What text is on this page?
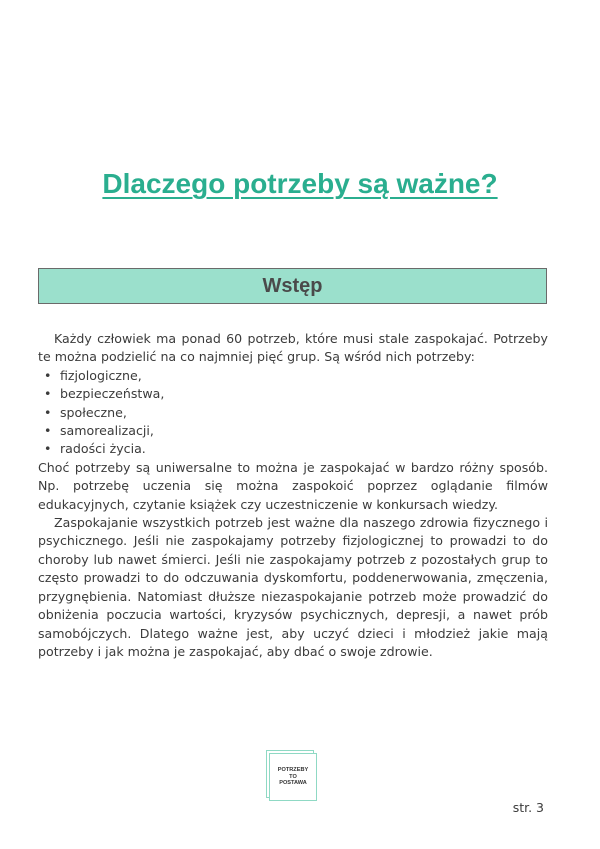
Dlaczego potrzeby są ważne?
Wstęp

Każdy człowiek ma ponad 60 potrzeb, które musi stale zaspokajać. Potrzeby te można podzielić na co najmniej pięć grup. Są wśród nich potrzeby:

• fizjologiczne,
• bezpieczeństwa,
• społeczne,
• samorealizacji,
• radości życia.

Choć potrzeby są uniwersalne to można je zaspokajać w bardzo różny sposób. Np. potrzebę uczenia się można zaspokoić poprzez oglądanie filmów edukacyjnych, czytanie książek czy uczestniczenie w konkursach wiedzy.

Zaspokajanie wszystkich potrzeb jest ważne dla naszego zdrowia fizycznego i psychicznego. Jeśli nie zaspokajamy potrzeby fizjologicznej to prowadzi to do choroby lub nawet śmierci. Jeśli nie zaspokajamy potrzeb z pozostałych grup to często prowadzi to do odczuwania dyskomfortu, poddenerwowania, zmęczenia, przygnębienia. Natomiast dłuższe niezaspokajanie potrzeb może prowadzić do obniżenia poczucia wartości, kryzysów psychicznych, depresji, a nawet prób samobójczych. Dlatego ważne jest, aby uczyć dzieci i młodzież jakie mają potrzeby i jak można je zaspokajać, aby dbać o swoje zdrowie.

POTRZEBY
TO
POSTAWA
str. 3
